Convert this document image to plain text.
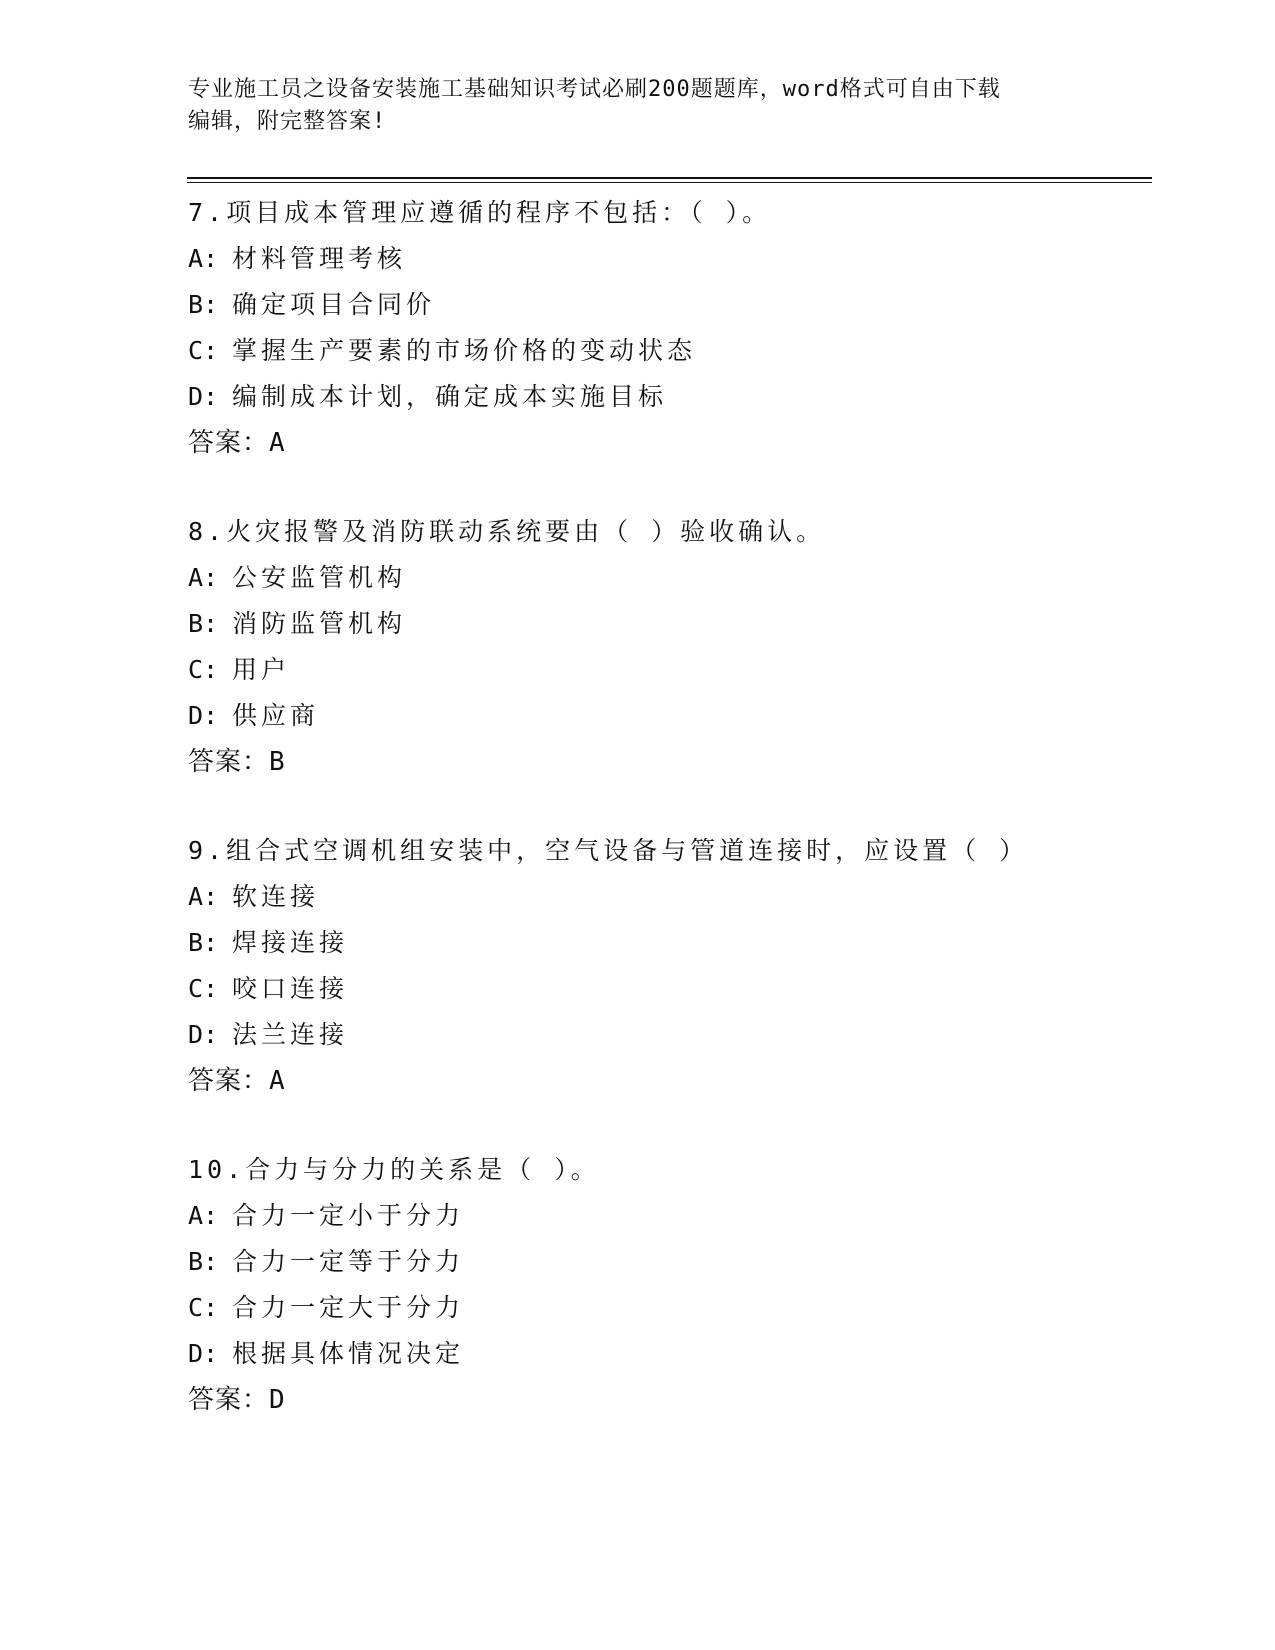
专业施工员之设备安装施工基础知识考试必刷200题题库，word格式可自由下载
编辑，附完整答案!
7.项目成本管理应遵循的程序不包括：（ ）。
A: 材料管理考核
B: 确定项目合同价
C: 掌握生产要素的市场价格的变动状态
D: 编制成本计划，确定成本实施目标
答案：A
8.火灾报警及消防联动系统要由（ ）验收确认。
A: 公安监管机构
B: 消防监管机构
C: 用户
D: 供应商
答案：B
9.组合式空调机组安装中，空气设备与管道连接时，应设置（ ）
A: 软连接
B: 焊接连接
C: 咬口连接
D: 法兰连接
答案：A
10.合力与分力的关系是（ ）。
A: 合力一定小于分力
B: 合力一定等于分力
C: 合力一定大于分力
D: 根据具体情况决定
答案：D
